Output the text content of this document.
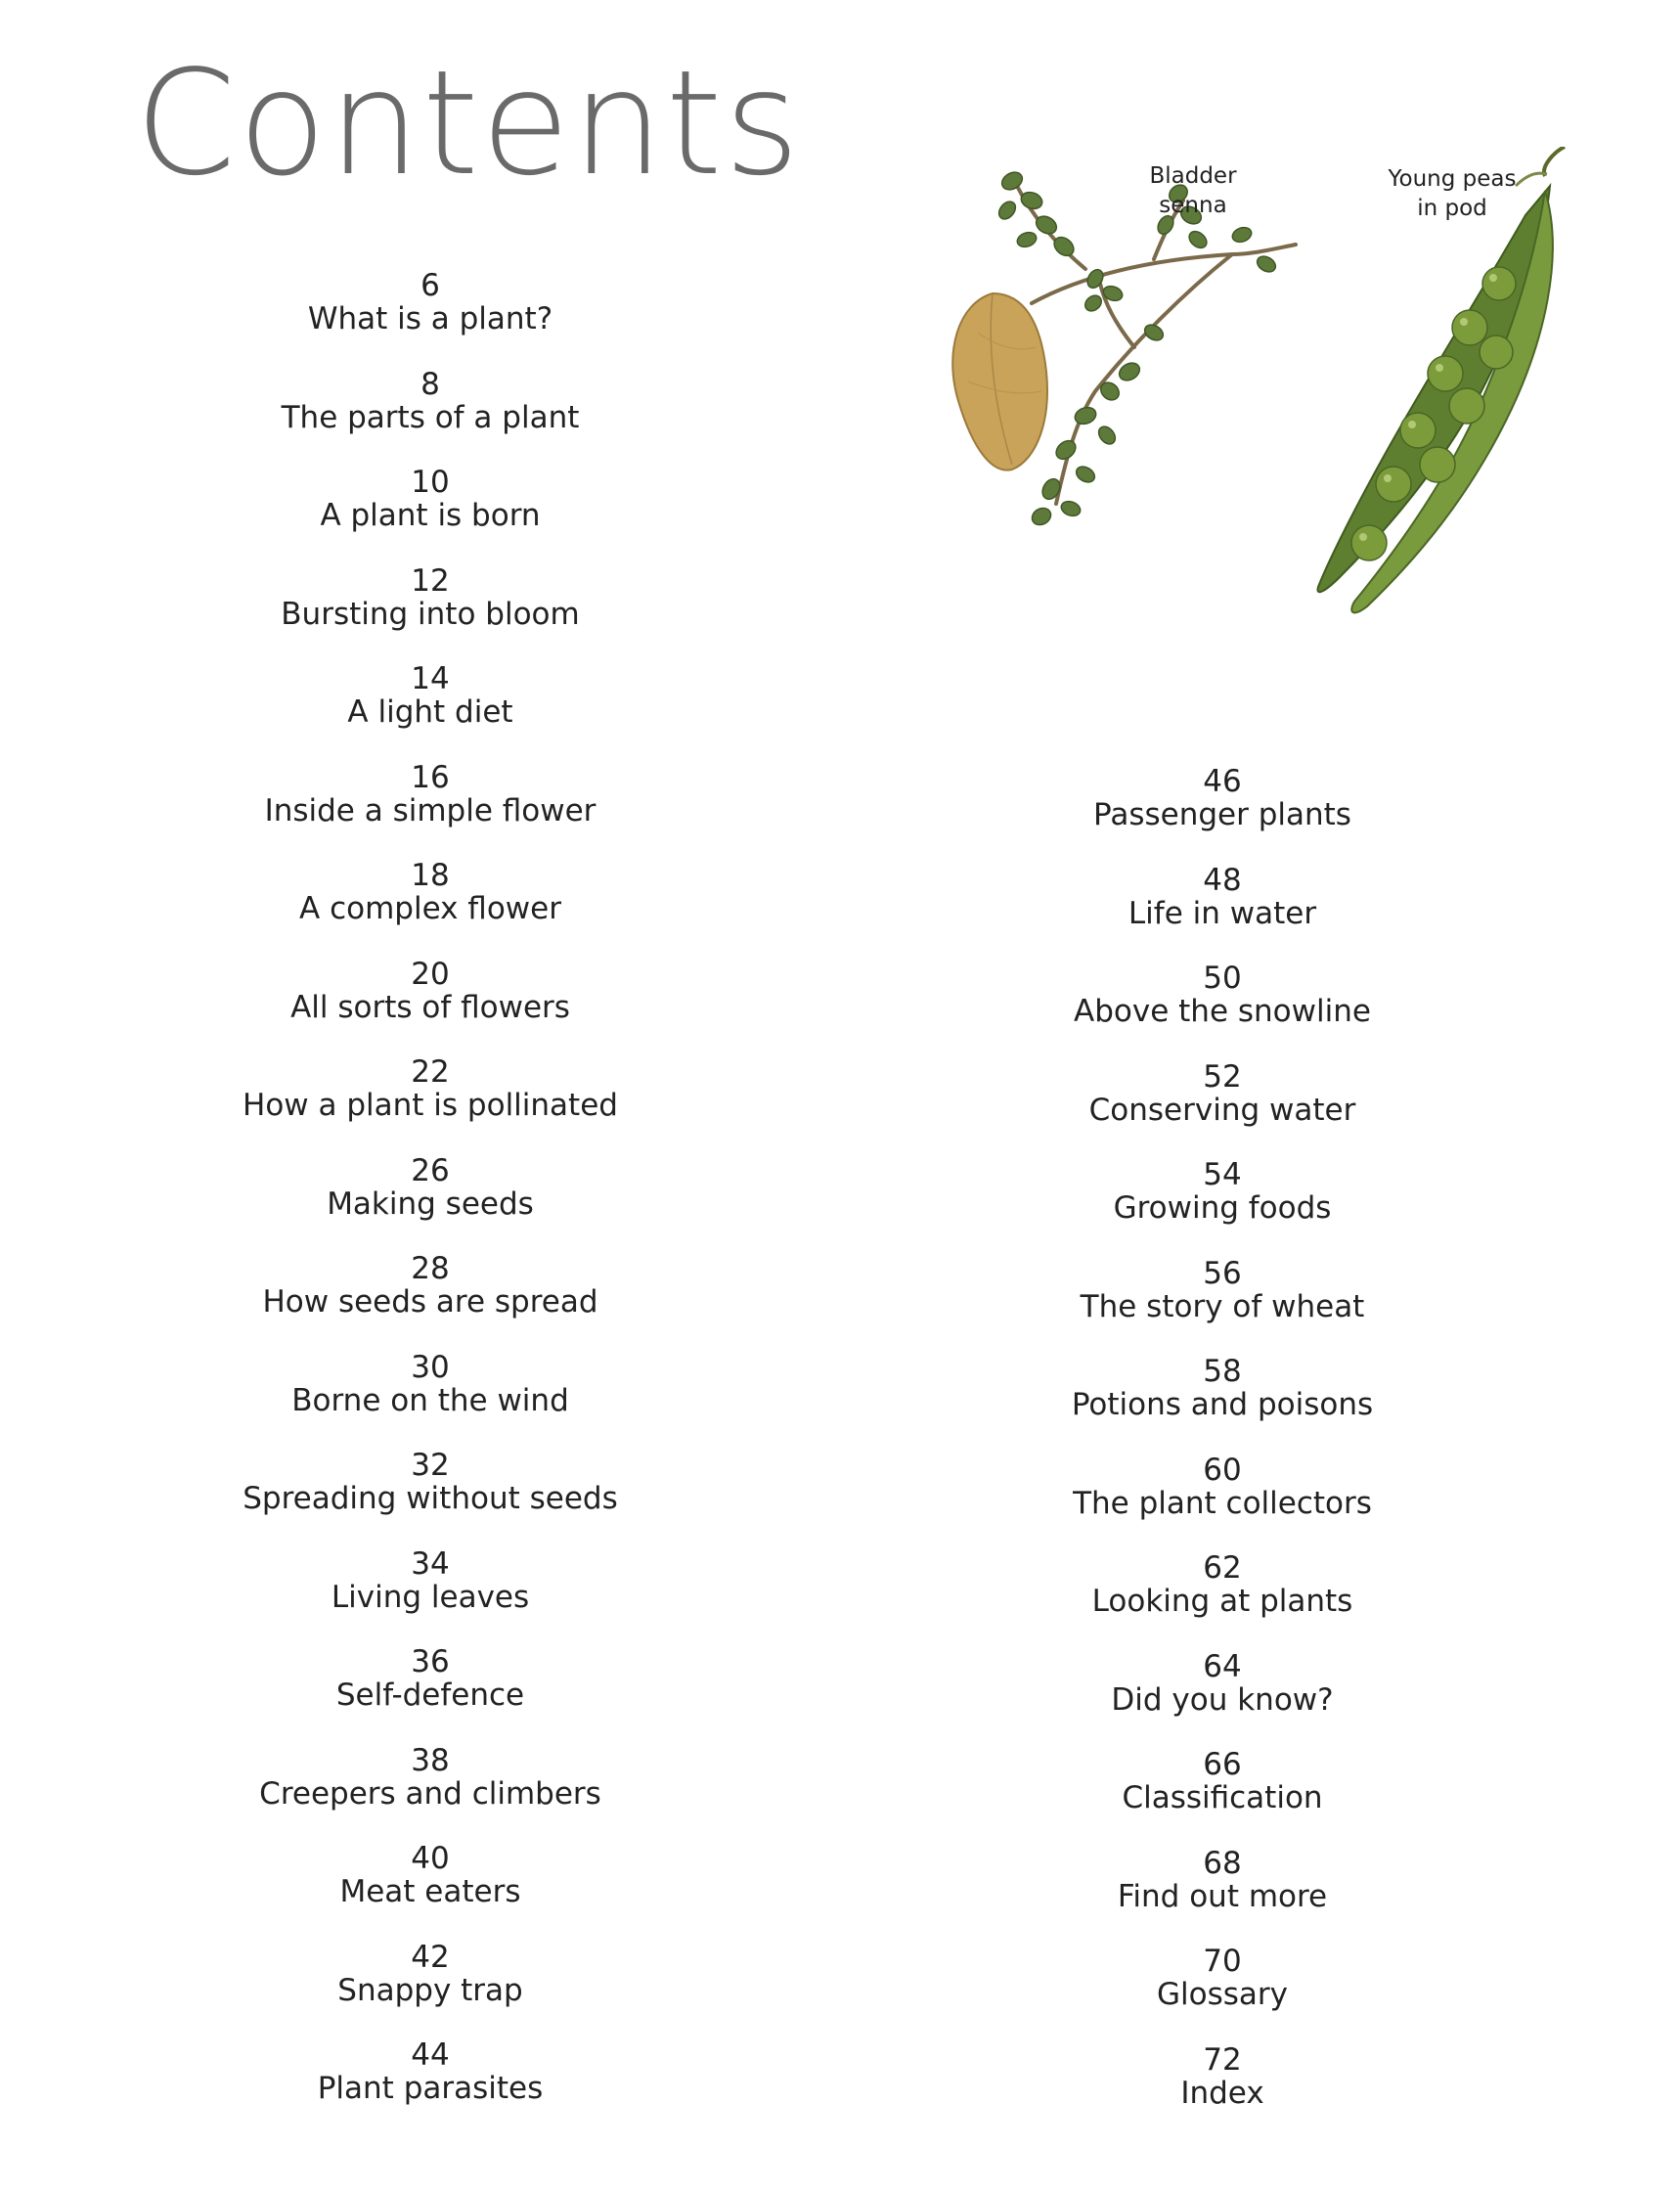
Contents	Bladder
senna
Young peas
in pod
6
What is a plant?
8
The parts of a plant
10
A plant is born
12
Bursting into bloom
14
A light diet
16
Inside a simple flower
18
A complex flower
20
All sorts of flowers
22
How a plant is pollinated
26
Making seeds
28
How seeds are spread
30
Borne on the wind
32
Spreading without seeds
34
Living leaves
36
Self-defence
38
Creepers and climbers
40
Meat eaters
42
Snappy trap
44
Plant parasites
46
Passenger plants
48
Life in water
50
Above the snowline
52
Conserving water
54
Growing foods
56
The story of wheat
58
Potions and poisons
60
The plant collectors
62
Looking at plants
64
Did you know?
66
Classification
68
Find out more
70
Glossary
72
Index
